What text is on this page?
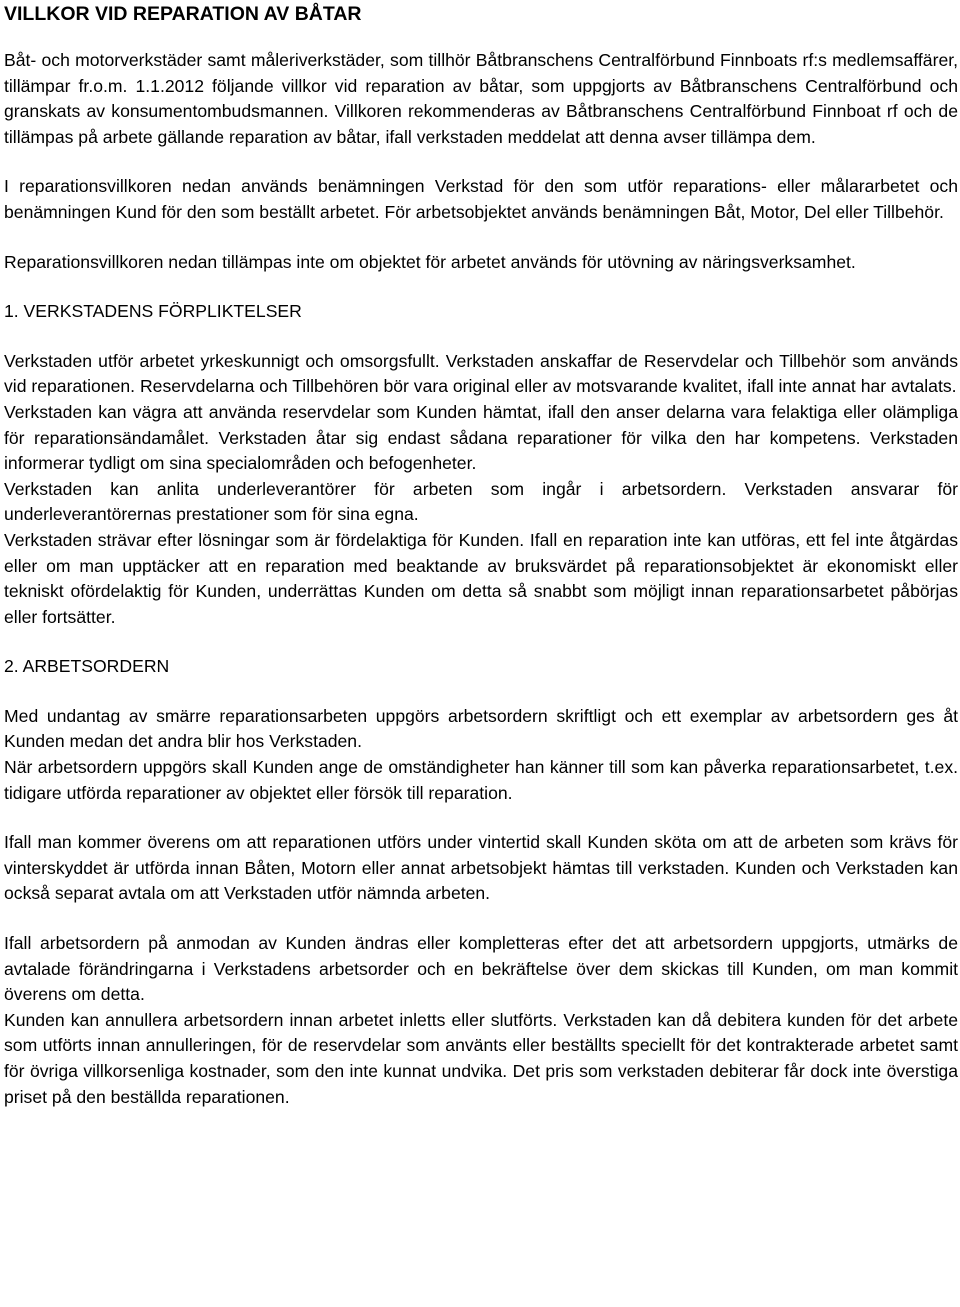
VILLKOR VID REPARATION AV BÅTAR

Båt- och motorverkstäder samt måleriverkstäder, som tillhör Båtbranschens Centralförbund Finnboats rf:s medlemsaffärer, tillämpar fr.o.m. 1.1.2012 följande villkor vid reparation av båtar, som uppgjorts av Båtbranschens Centralförbund och granskats av konsumentombudsmannen. Villkoren rekommenderas av Båtbranschens Centralförbund Finnboat rf och de tillämpas på arbete gällande reparation av båtar, ifall verkstaden meddelat att denna avser tillämpa dem.

I reparationsvillkoren nedan används benämningen Verkstad för den som utför reparations- eller målararbetet och benämningen Kund för den som beställt arbetet. För arbetsobjektet används benämningen Båt, Motor, Del eller Tillbehör.

Reparationsvillkoren nedan tillämpas inte om objektet för arbetet används för utövning av näringsverksamhet.

1. VERKSTADENS FÖRPLIKTELSER

Verkstaden utför arbetet yrkeskunnigt och omsorgsfullt. Verkstaden anskaffar de Reservdelar och Tillbehör som används vid reparationen. Reservdelarna och Tillbehören bör vara original eller av motsvarande kvalitet, ifall inte annat har avtalats.

Verkstaden kan vägra att använda reservdelar som Kunden hämtat, ifall den anser delarna vara felaktiga eller olämpliga för reparationsändamålet. Verkstaden åtar sig endast sådana reparationer för vilka den har kompetens. Verkstaden informerar tydligt om sina specialområden och befogenheter.

Verkstaden kan anlita underleverantörer för arbeten som ingår i arbetsordern. Verkstaden ansvarar för underleverantörernas prestationer som för sina egna.

Verkstaden strävar efter lösningar som är fördelaktiga för Kunden. Ifall en reparation inte kan utföras, ett fel inte åtgärdas eller om man upptäcker att en reparation med beaktande av bruksvärdet på reparationsobjektet är ekonomiskt eller tekniskt ofördelaktig för Kunden, underrättas Kunden om detta så snabbt som möjligt innan reparationsarbetet påbörjas eller fortsätter.

2. ARBETSORDERN

Med undantag av smärre reparationsarbeten uppgörs arbetsordern skriftligt och ett exemplar av arbetsordern ges åt Kunden medan det andra blir hos Verkstaden.

När arbetsordern uppgörs skall Kunden ange de omständigheter han känner till som kan påverka reparationsarbetet, t.ex. tidigare utförda reparationer av objektet eller försök till reparation.

Ifall man kommer överens om att reparationen utförs under vintertid skall Kunden sköta om att de arbeten som krävs för vinterskyddet är utförda innan Båten, Motorn eller annat arbetsobjekt hämtas till verkstaden. Kunden och Verkstaden kan också separat avtala om att Verkstaden utför nämnda arbeten.

Ifall arbetsordern på anmodan av Kunden ändras eller kompletteras efter det att arbetsordern uppgjorts, utmärks de avtalade förändringarna i Verkstadens arbetsorder och en bekräftelse över dem skickas till Kunden, om man kommit överens om detta.

Kunden kan annullera arbetsordern innan arbetet inletts eller slutförts. Verkstaden kan då debitera kunden för det arbete som utförts innan annulleringen, för de reservdelar som använts eller beställts speciellt för det kontrakterade arbetet samt för övriga villkorsenliga kostnader, som den inte kunnat undvika. Det pris som verkstaden debiterar får dock inte överstiga priset på den beställda reparationen.
